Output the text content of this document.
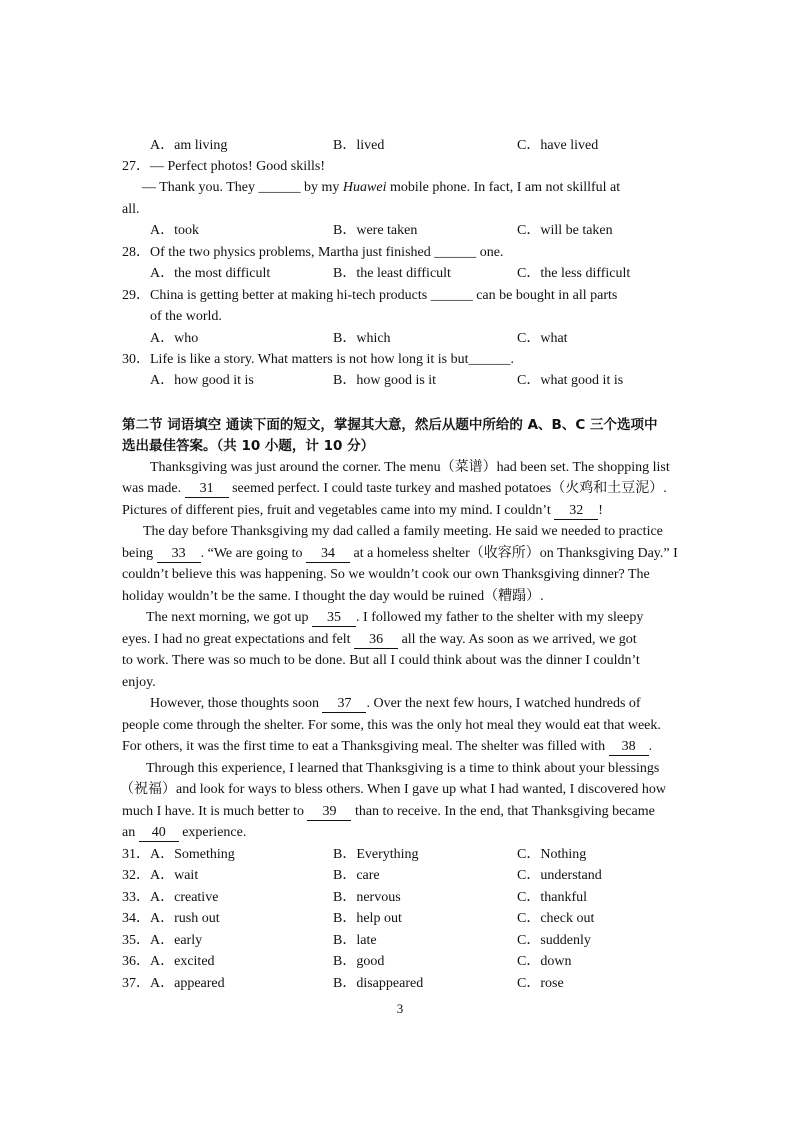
A．am living	B．lived	C．have lived
27．— Perfect photos! Good skills!
— Thank you. They ______ by my Huawei mobile phone. In fact, I am not skillful at
all.
A．took	B．were taken	C．will be taken
28．Of the two physics problems, Martha just finished ______ one.
A．the most difficult	B．the least difficult	C．the less difficult
29．China is getting better at making hi-tech products ______ can be bought in all parts
of the world.
A．who	B．which	C．what
30．Life is like a story. What matters is not how long it is but______.
A．how good it is	B．how good is it	C．what good it is
第二节 词语填空 通读下面的短文，掌握其大意，然后从题中所给的 A、B、C 三个选项中
选出最佳答案。（共 10 小题，计 10 分）
Thanksgiving was just around the corner. The menu（菜谱）had been set. The shopping list
was made. 31 seemed perfect. I could taste turkey and mashed potatoes（火鸡和土豆泥）.
Pictures of different pies, fruit and vegetables came into my mind. I couldn’t 32 !
The day before Thanksgiving my dad called a family meeting. He said we needed to practice
being 33 . “We are going to 34 at a homeless shelter（收容所）on Thanksgiving Day.” I
couldn’t believe this was happening. So we wouldn’t cook our own Thanksgiving dinner? The
holiday wouldn’t be the same. I thought the day would be ruined（糟蹋）.
The next morning, we got up 35 . I followed my father to the shelter with my sleepy
eyes. I had no great expectations and felt 36 all the way. As soon as we arrived, we got
to work. There was so much to be done. But all I could think about was the dinner I couldn’t
enjoy.
However, those thoughts soon 37 . Over the next few hours, I watched hundreds of
people come through the shelter. For some, this was the only hot meal they would eat that week.
For others, it was the first time to eat a Thanksgiving meal. The shelter was filled with 38 .
Through this experience, I learned that Thanksgiving is a time to think about your blessings
（祝福）and look for ways to bless others. When I gave up what I had wanted, I discovered how
much I have. It is much better to 39 than to receive. In the end, that Thanksgiving became
an 40 experience.
31．A．Something	B．Everything	C．Nothing
32．A．wait	B．care	C．understand
33．A．creative	B．nervous	C．thankful
34．A．rush out	B．help out	C．check out
35．A．early	B．late	C．suddenly
36．A．excited	B．good	C．down
37．A．appeared	B．disappeared	C．rose
3
